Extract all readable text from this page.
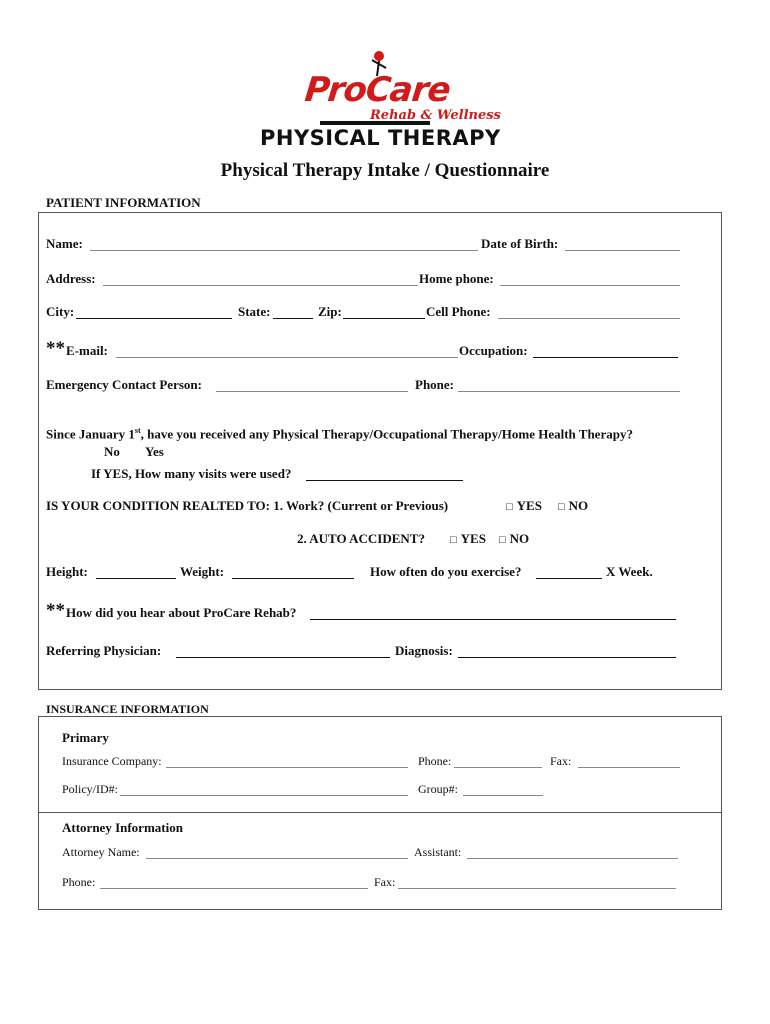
ProCare
Rehab & Wellness
PHYSICAL THERAPY
Physical Therapy Intake / Questionnaire
PATIENT INFORMATION
Name:	Date of Birth:
Address:	Home phone:
City:	State:	Zip:	Cell Phone:
** E-mail:	Occupation:
Emergency Contact Person:	Phone:
Since January 1st, have you received any Physical Therapy/Occupational Therapy/Home Health Therapy?
No Yes
If YES, How many visits were used?
IS YOUR CONDITION REALTED TO: 1. Work? (Current or Previous)	□ YES □ NO
2. AUTO ACCIDENT? □ YES □ NO
Height:	Weight:	How often do you exercise?	X Week.
** How did you hear about ProCare Rehab?
Referring Physician:	Diagnosis:
INSURANCE INFORMATION
Primary
Insurance Company:	Phone:	Fax:
Policy/ID#:	Group#:
Attorney Information
Attorney Name:	Assistant:
Phone:	Fax:
